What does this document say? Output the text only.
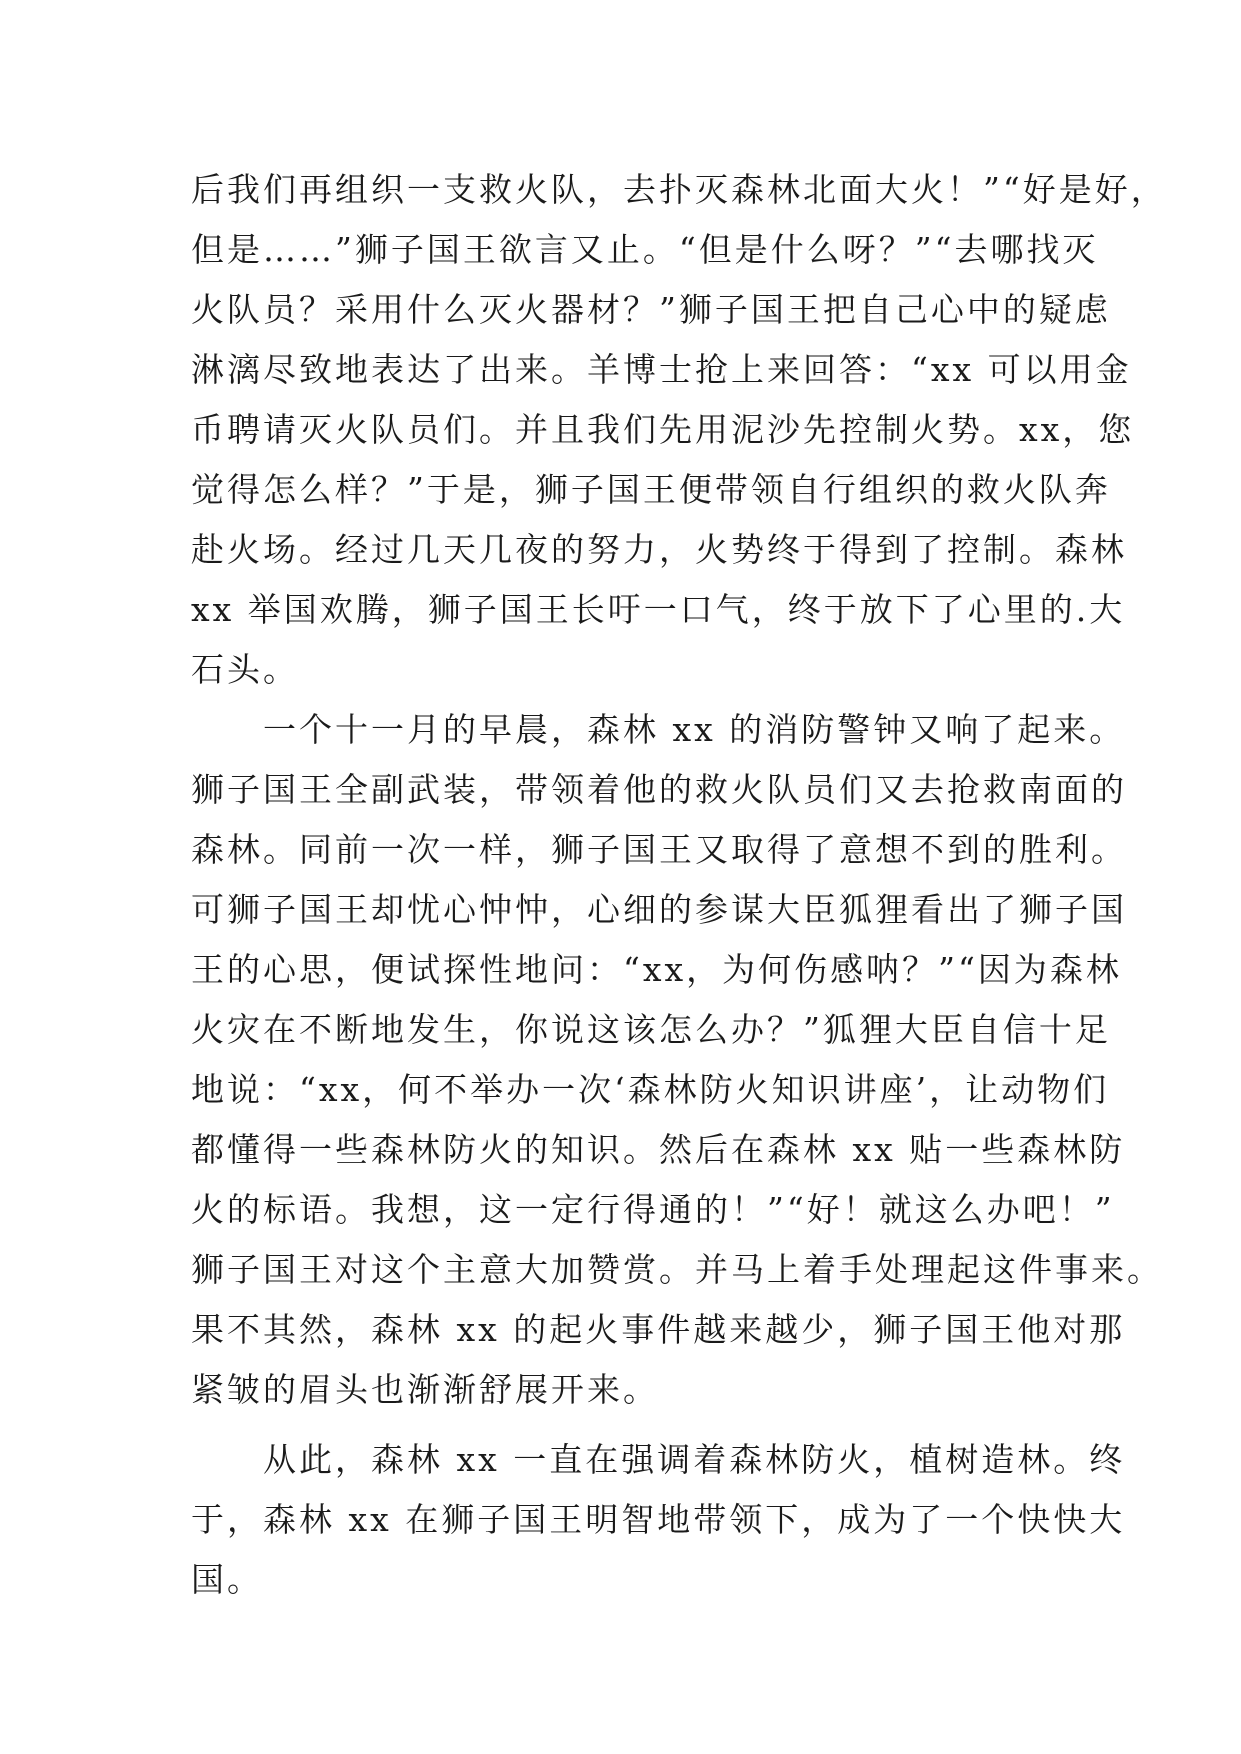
后我们再组织一支救火队，去扑灭森林北面大火！”“好是好，
但是……”狮子国王欲言又止。“但是什么呀？”“去哪找灭
火队员？采用什么灭火器材？”狮子国王把自己心中的疑虑
淋漓尽致地表达了出来。羊博士抢上来回答：“xx 可以用金
币聘请灭火队员们。并且我们先用泥沙先控制火势。xx，您
觉得怎么样？”于是，狮子国王便带领自行组织的救火队奔
赴火场。经过几天几夜的努力，火势终于得到了控制。森林
xx 举国欢腾，狮子国王长吁一口气，终于放下了心里的.大
石头。
　　一个十一月的早晨，森林 xx 的消防警钟又响了起来。
狮子国王全副武装，带领着他的救火队员们又去抢救南面的
森林。同前一次一样，狮子国王又取得了意想不到的胜利。
可狮子国王却忧心忡忡，心细的参谋大臣狐狸看出了狮子国
王的心思，便试探性地问：“xx，为何伤感呐？”“因为森林
火灾在不断地发生，你说这该怎么办？”狐狸大臣自信十足
地说：“xx，何不举办一次‘森林防火知识讲座’，让动物们
都懂得一些森林防火的知识。然后在森林 xx 贴一些森林防
火的标语。我想，这一定行得通的！”“好！就这么办吧！”
狮子国王对这个主意大加赞赏。并马上着手处理起这件事来。
果不其然，森林 xx 的起火事件越来越少，狮子国王他对那
紧皱的眉头也渐渐舒展开来。
　　从此，森林 xx 一直在强调着森林防火，植树造林。终
于，森林 xx 在狮子国王明智地带领下，成为了一个快快大
国。
